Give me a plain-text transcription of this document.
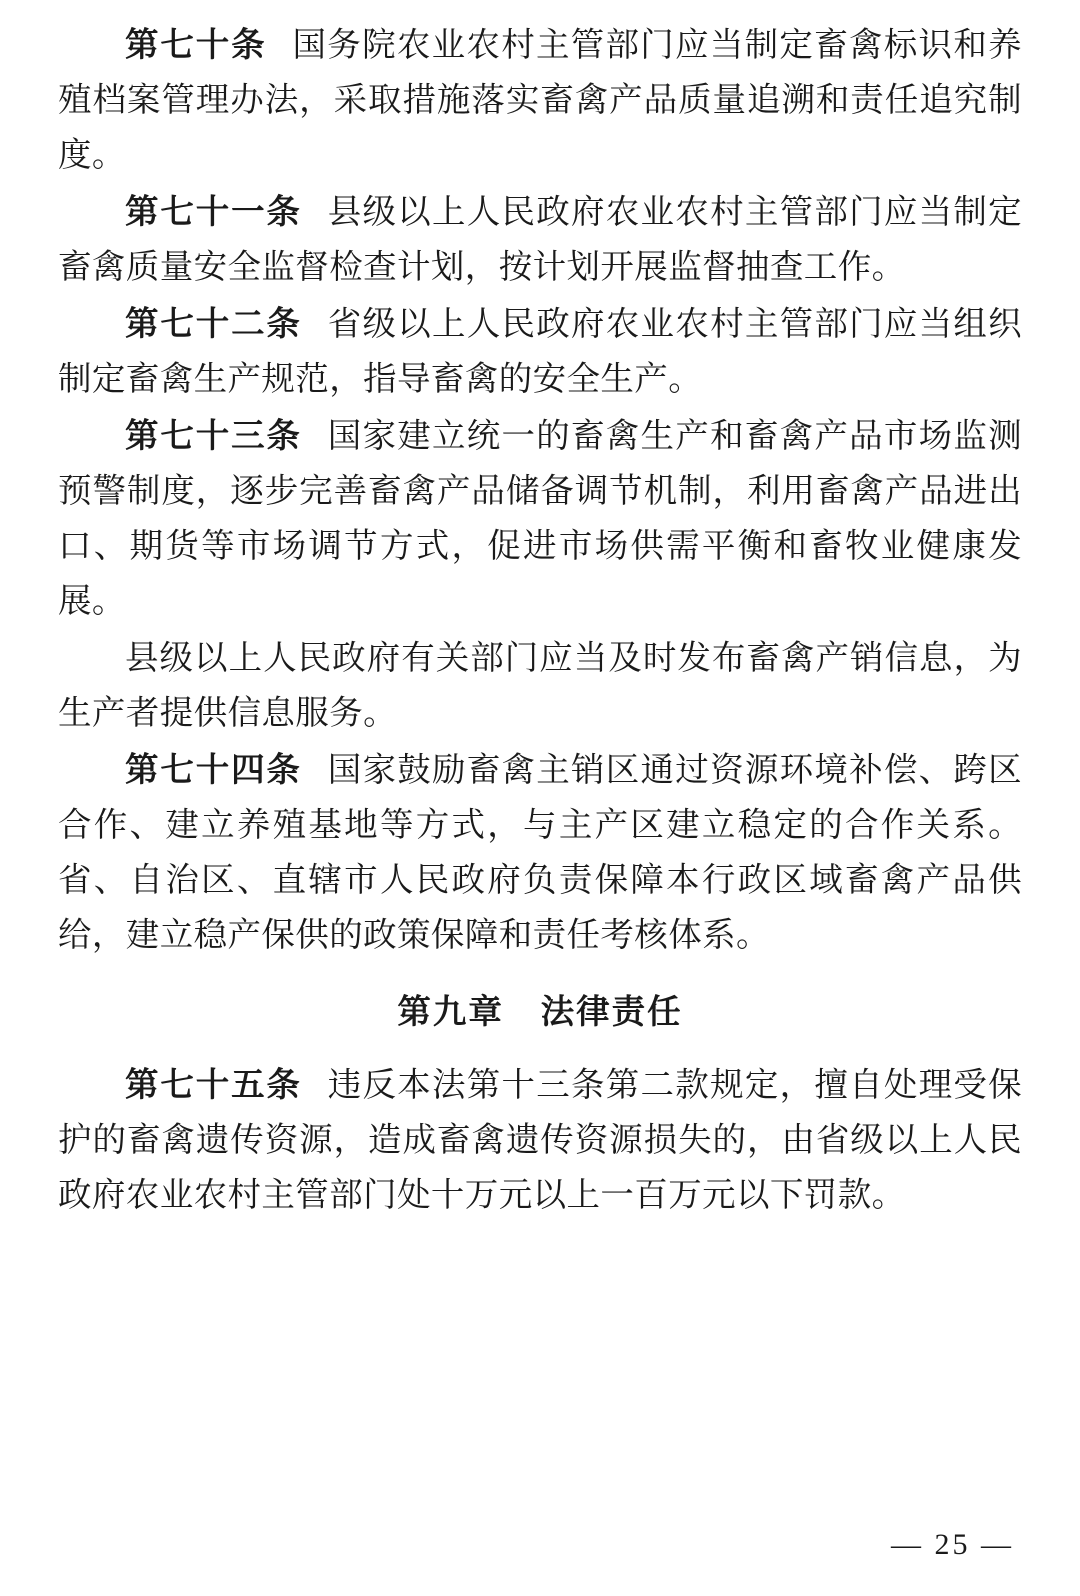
第七十条 国务院农业农村主管部门应当制定畜禽标识和养殖档案管理办法，采取措施落实畜禽产品质量追溯和责任追究制度。

第七十一条 县级以上人民政府农业农村主管部门应当制定畜禽质量安全监督检查计划，按计划开展监督抽查工作。

第七十二条 省级以上人民政府农业农村主管部门应当组织制定畜禽生产规范，指导畜禽的安全生产。

第七十三条 国家建立统一的畜禽生产和畜禽产品市场监测预警制度，逐步完善畜禽产品储备调节机制，利用畜禽产品进出口、期货等市场调节方式，促进市场供需平衡和畜牧业健康发展。

县级以上人民政府有关部门应当及时发布畜禽产销信息，为生产者提供信息服务。

第七十四条 国家鼓励畜禽主销区通过资源环境补偿、跨区合作、建立养殖基地等方式，与主产区建立稳定的合作关系。省、自治区、直辖市人民政府负责保障本行政区域畜禽产品供给，建立稳产保供的政策保障和责任考核体系。

第九章 法律责任

第七十五条 违反本法第十三条第二款规定，擅自处理受保护的畜禽遗传资源，造成畜禽遗传资源损失的，由省级以上人民政府农业农村主管部门处十万元以上一百万元以下罚款。

— 25 —
